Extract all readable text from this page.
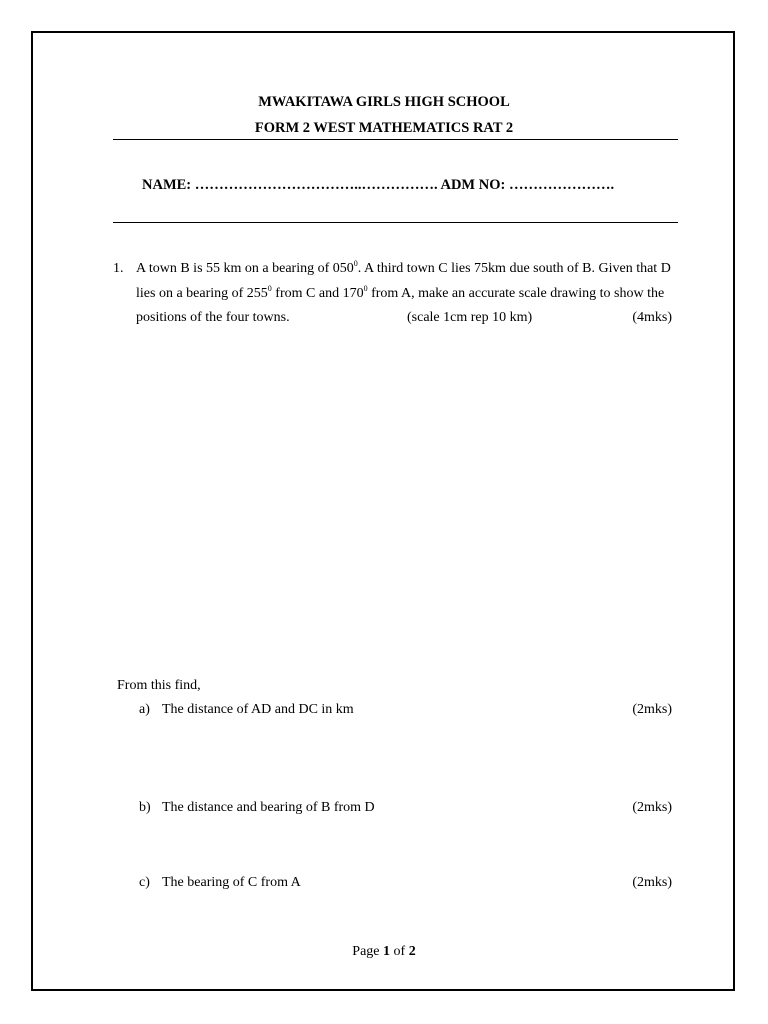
MWAKITAWA GIRLS HIGH SCHOOL
FORM 2 WEST MATHEMATICS RAT 2
NAME: ……………………………..……………. ADM NO: ………………….
1. A town B is 55 km on a bearing of $050^0$. A third town C lies 75km due south of B. Given that D
lies on a bearing of $255^0$ from C and $170^0$ from A, make an accurate scale drawing to show the
positions of the four towns.	(scale 1cm rep 10 km)	(4mks)
From this find,
a) The distance of AD and DC in km	(2mks)
b) The distance and bearing of B from D	(2mks)
c) The bearing of C from A	(2mks)
Page 1 of 2
